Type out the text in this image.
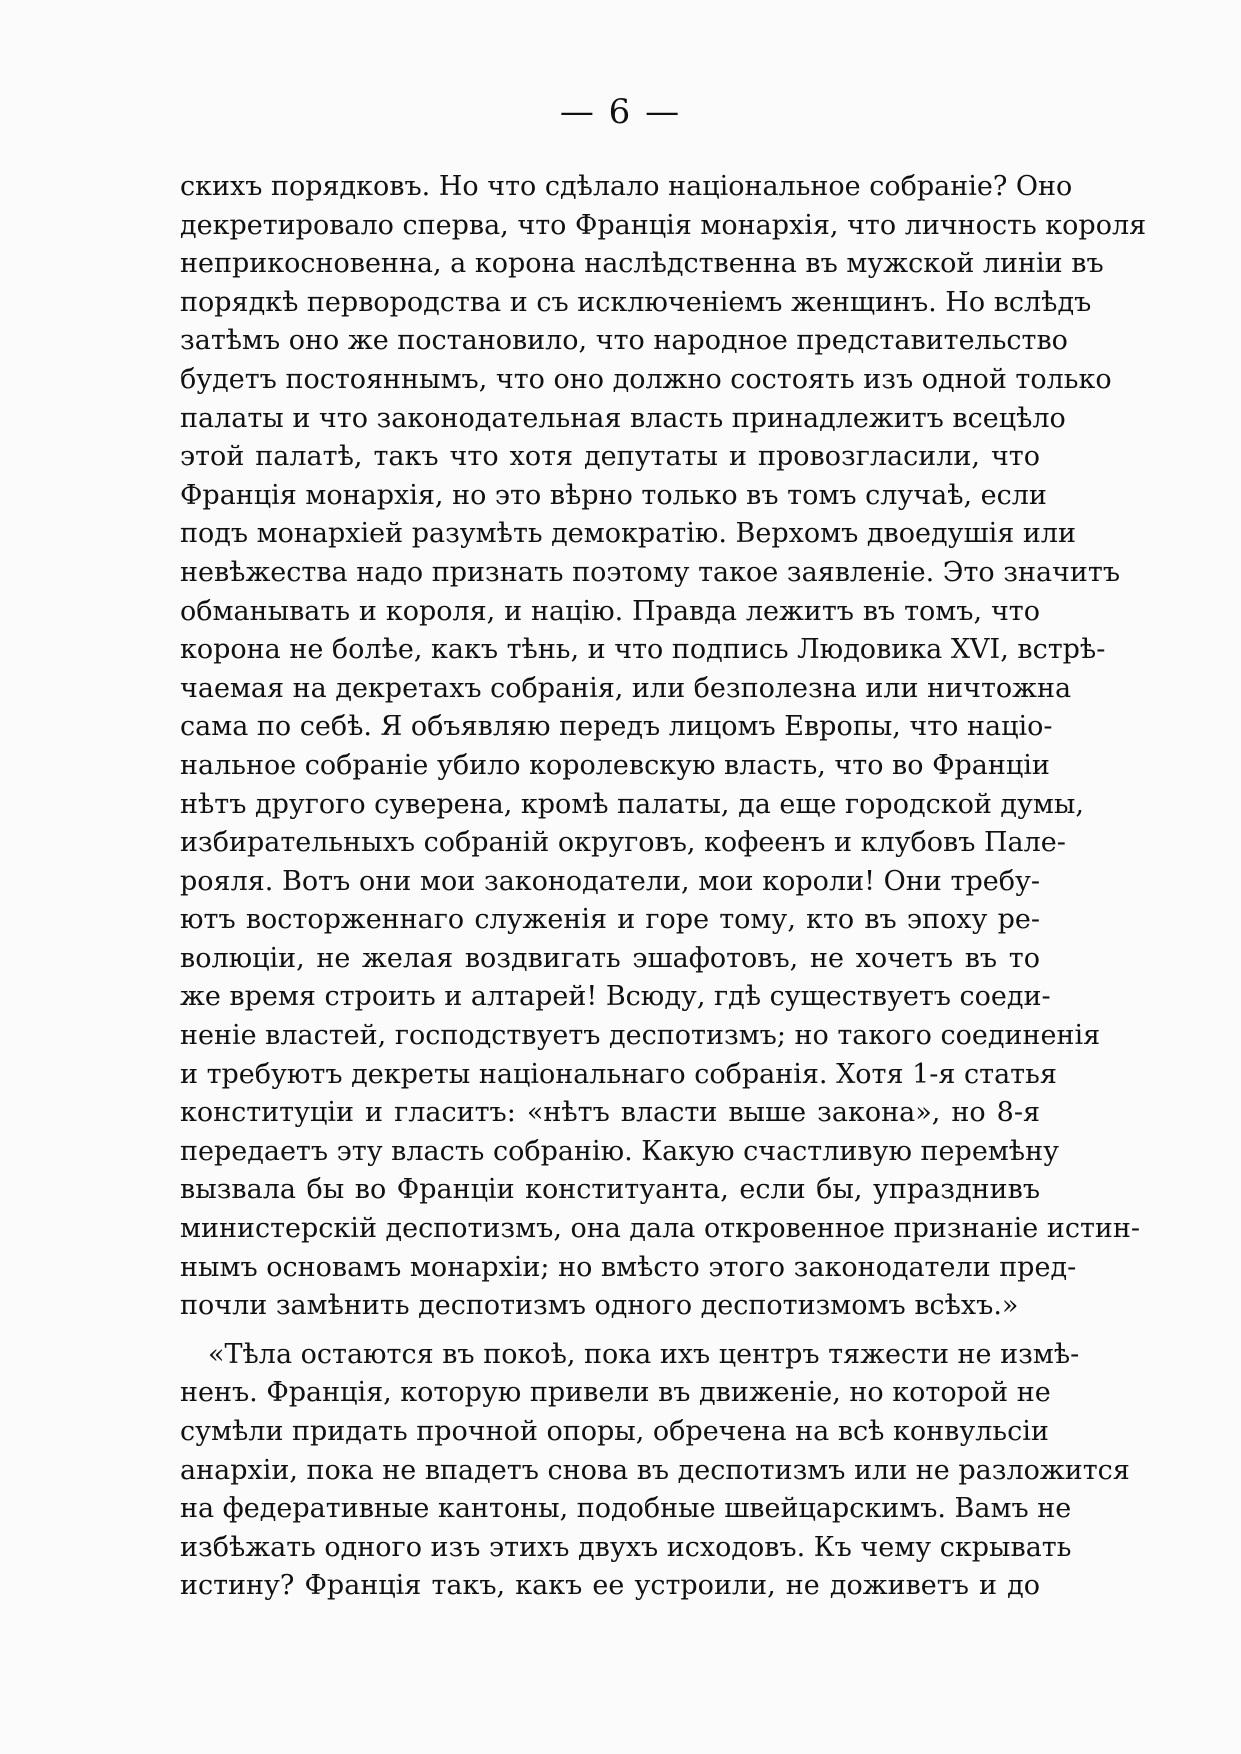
— 6 —
скихъ порядковъ. Но что сдѣлало національное собраніе? Оно
декретировало сперва, что Франція монархія, что личность короля
неприкосновенна, а корона наслѣдственна въ мужской линіи въ
порядкѣ первородства и съ исключеніемъ женщинъ. Но вслѣдъ
затѣмъ оно же постановило, что народное представительство
будетъ постояннымъ, что оно должно состоять изъ одной только
палаты и что законодательная власть принадлежитъ всецѣло
этой палатѣ, такъ что хотя депутаты и провозгласили, что
Франція монархія, но это вѣрно только въ томъ случаѣ, если
подъ монархіей разумѣть демократію. Верхомъ двоедушія или
невѣжества надо признать поэтому такое заявленіе. Это значитъ
обманывать и короля, и націю. Правда лежитъ въ томъ, что
корона не болѣе, какъ тѣнь, и что подпись Людовика XVI, встрѣ-
чаемая на декретахъ собранія, или безполезна или ничтожна
сама по себѣ. Я объявляю передъ лицомъ Европы, что націо-
нальное собраніе убило королевскую власть, что во Франціи
нѣтъ другого суверена, кромѣ палаты, да еще городской думы,
избирательныхъ собраній округовъ, кофеенъ и клубовъ Пале-
рояля. Вотъ они мои законодатели, мои короли! Они требу-
ютъ восторженнаго служенія и горе тому, кто въ эпоху ре-
волюціи, не желая воздвигать эшафотовъ, не хочетъ въ то
же время строить и алтарей! Всюду, гдѣ существуетъ соеди-
неніе властей, господствуетъ деспотизмъ; но такого соединенія
и требуютъ декреты національнаго собранія. Хотя 1-я статья
конституціи и гласитъ: «нѣтъ власти выше закона», но 8-я
передаетъ эту власть собранію. Какую счастливую перемѣну
вызвала бы во Франціи конституанта, если бы, упразднивъ
министерскій деспотизмъ, она дала откровенное признаніе истин-
нымъ основамъ монархіи; но вмѣсто этого законодатели пред-
почли замѣнить деспотизмъ одного деспотизмомъ всѣхъ.»
«Тѣла остаются въ покоѣ, пока ихъ центръ тяжести не измѣ-
ненъ. Франція, которую привели въ движеніе, но которой не
сумѣли придать прочной опоры, обречена на всѣ конвульсіи
анархіи, пока не впадетъ снова въ деспотизмъ или не разложится
на федеративные кантоны, подобные швейцарскимъ. Вамъ не
избѣжать одного изъ этихъ двухъ исходовъ. Къ чему скрывать
истину? Франція такъ, какъ ее устроили, не доживетъ и до
